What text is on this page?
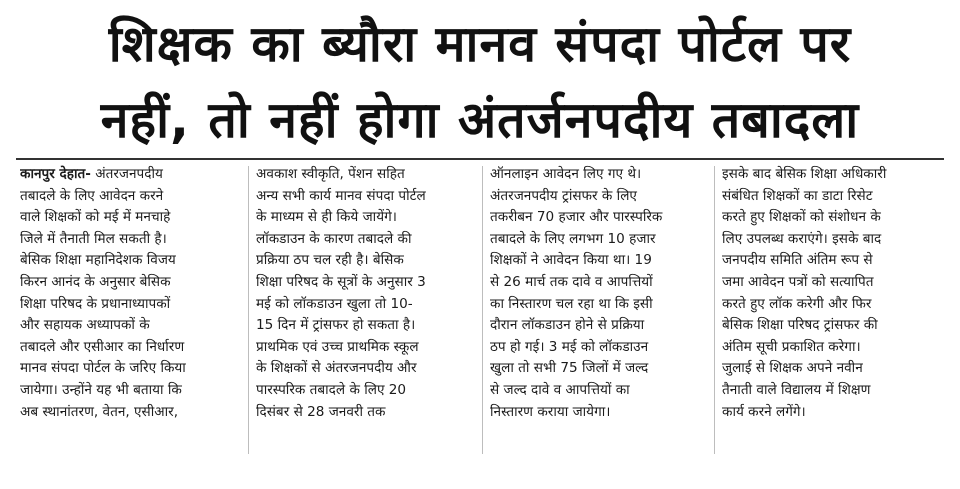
शिक्षक का ब्यौरा मानव संपदा पोर्टल पर
नहीं, तो नहीं होगा अंतर्जनपदीय तबादला
कानपुर देहात- अंतरजनपदीय
तबादले के लिए आवेदन करने
वाले शिक्षकों को मई में मनचाहे
जिले में तैनाती मिल सकती है।
बेसिक शिक्षा महानिदेशक विजय
किरन आनंद के अनुसार बेसिक
शिक्षा परिषद के प्रधानाध्यापकों
और सहायक अध्यापकों के
तबादले और एसीआर का निर्धारण
मानव संपदा पोर्टल के जरिए किया
जायेगा। उन्होंने यह भी बताया कि
अब स्थानांतरण, वेतन, एसीआर,
अवकाश स्वीकृति, पेंशन सहित
अन्य सभी कार्य मानव संपदा पोर्टल
के माध्यम से ही किये जायेंगे।
लॉकडाउन के कारण तबादले की
प्रक्रिया ठप चल रही है। बेसिक
शिक्षा परिषद के सूत्रों के अनुसार 3
मई को लॉकडाउन खुला तो 10-
15 दिन में ट्रांसफर हो सकता है।
प्राथमिक एवं उच्च प्राथमिक स्कूल
के शिक्षकों से अंतरजनपदीय और
पारस्परिक तबादले के लिए 20
दिसंबर से 28 जनवरी तक
ऑनलाइन आवेदन लिए गए थे।
अंतरजनपदीय ट्रांसफर के लिए
तकरीबन 70 हजार और पारस्परिक
तबादले के लिए लगभग 10 हजार
शिक्षकों ने आवेदन किया था। 19
से 26 मार्च तक दावे व आपत्तियों
का निस्तारण चल रहा था कि इसी
दौरान लॉकडाउन होने से प्रक्रिया
ठप हो गई। 3 मई को लॉकडाउन
खुला तो सभी 75 जिलों में जल्द
से जल्द दावे व आपत्तियों का
निस्तारण कराया जायेगा।
इसके बाद बेसिक शिक्षा अधिकारी
संबंधित शिक्षकों का डाटा रिसेट
करते हुए शिक्षकों को संशोधन के
लिए उपलब्ध कराएंगे। इसके बाद
जनपदीय समिति अंतिम रूप से
जमा आवेदन पत्रों को सत्यापित
करते हुए लॉक करेगी और फिर
बेसिक शिक्षा परिषद ट्रांसफर की
अंतिम सूची प्रकाशित करेगा।
जुलाई से शिक्षक अपने नवीन
तैनाती वाले विद्यालय में शिक्षण
कार्य करने लगेंगे।
